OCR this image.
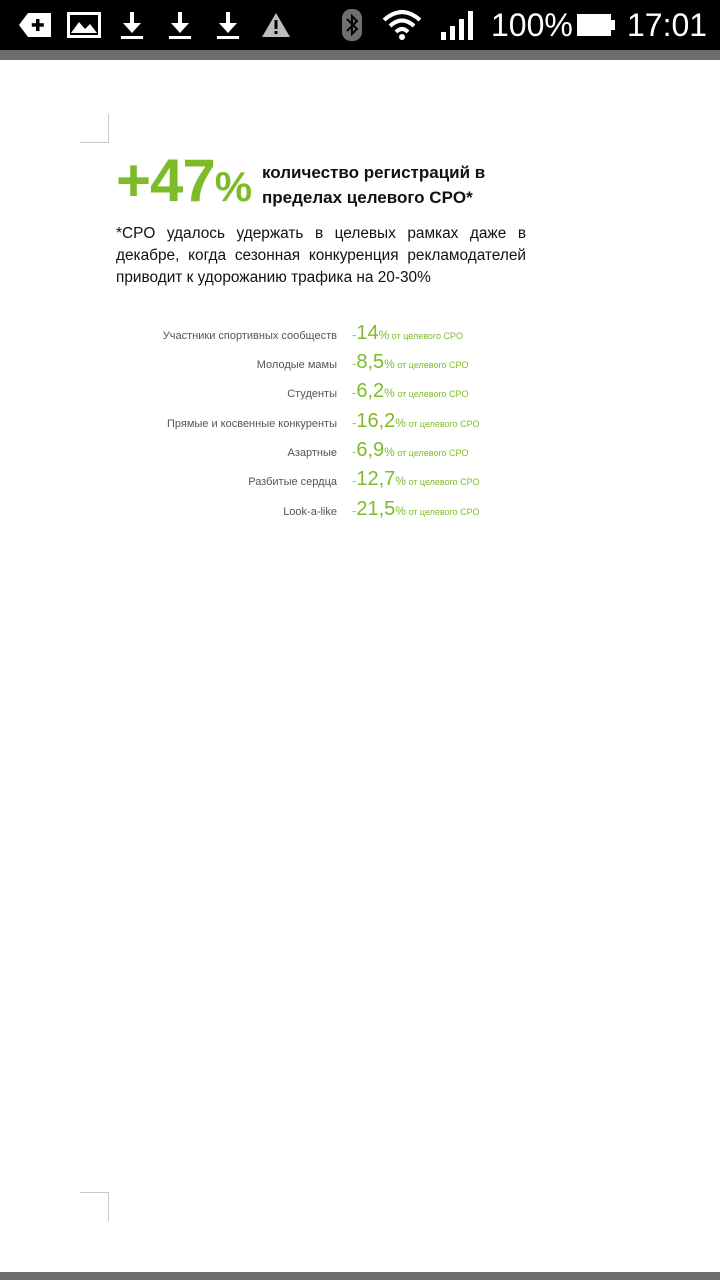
100% 17:01
+47% количество регистраций в пределах целевого CPO*
*CPO удалось удержать в целевых рамках даже в декабре, когда сезонная конкуренция рекламодателей приводит к удорожанию трафика на 20-30%
Участники спортивных сообществ -14% от целевого CPO
Молодые мамы -8,5% от целевого CPO
Студенты -6,2% от целевого CPO
Прямые и косвенные конкуренты -16,2% от целевого CPO
Азартные -6,9% от целевого CPO
Разбитые сердца -12,7% от целевого CPO
Look-a-like -21,5% от целевого CPO
